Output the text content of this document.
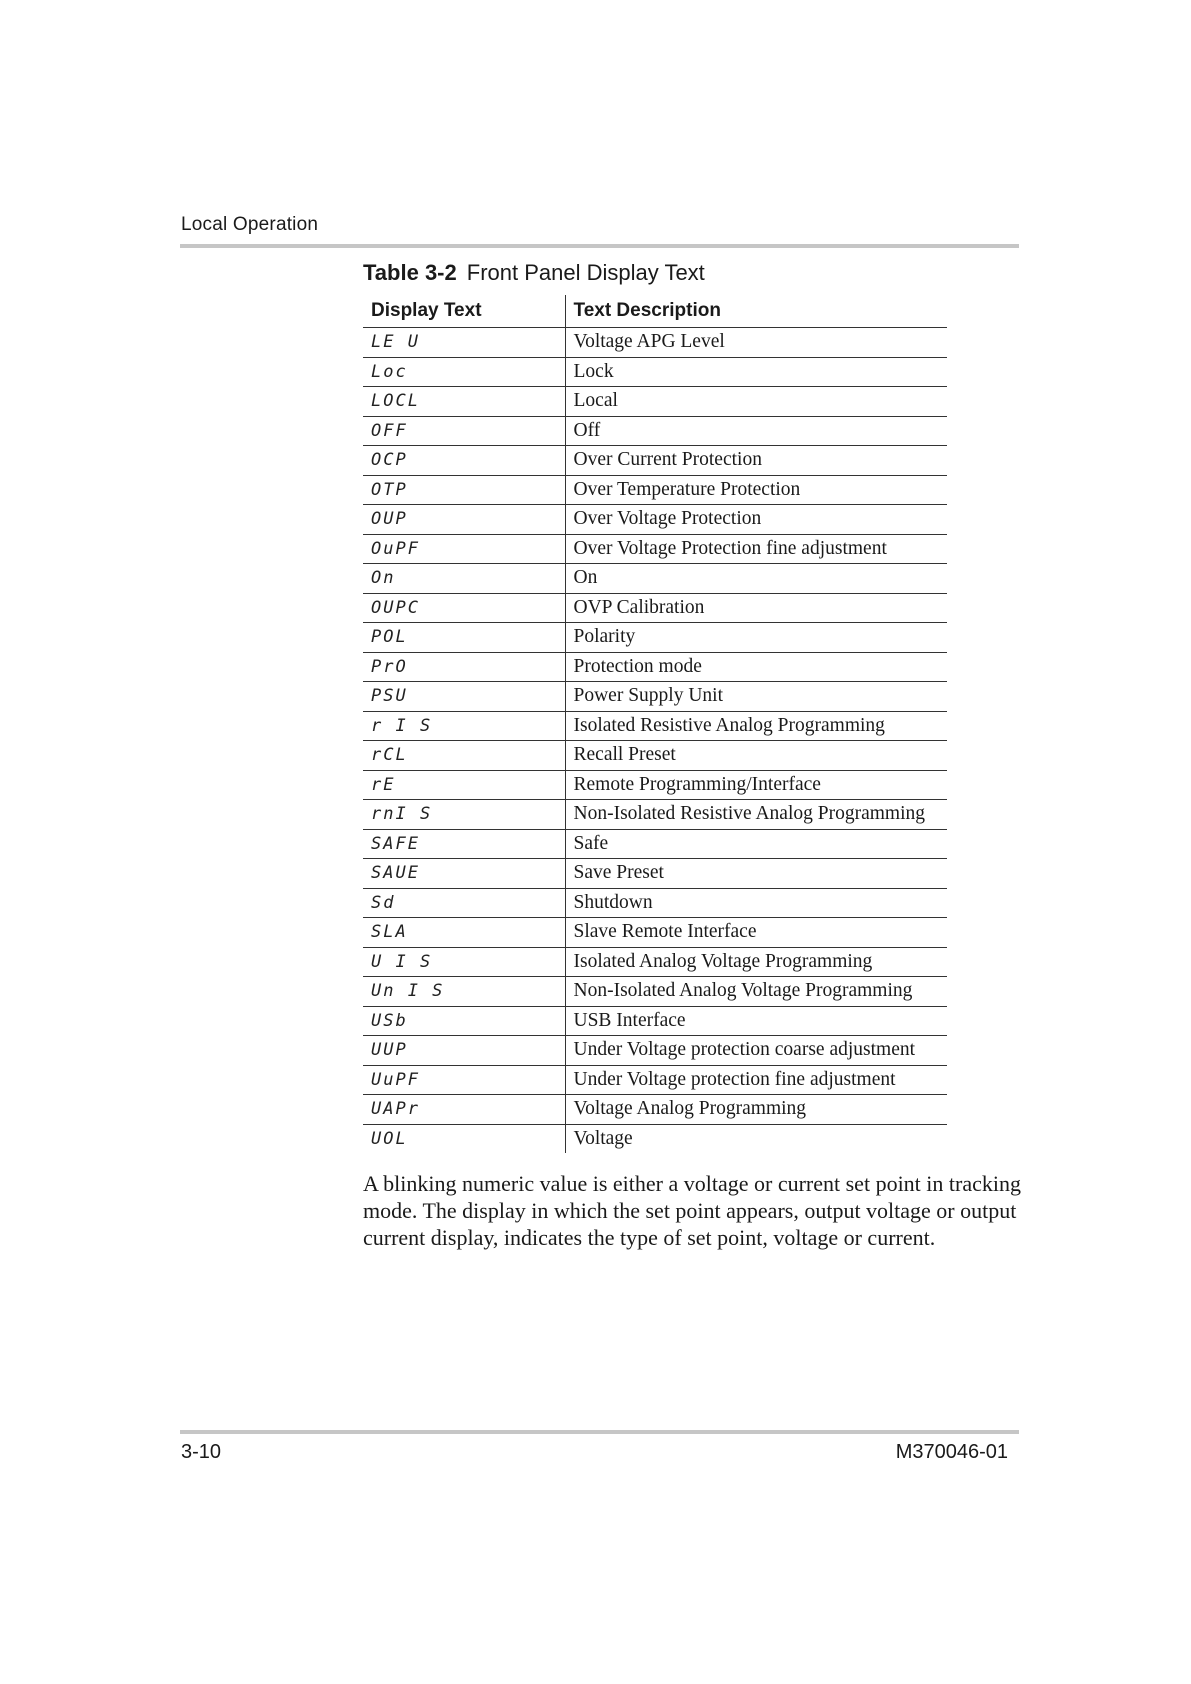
Local Operation
Table 3-2 Front Panel Display Text
Display Text	Text Description
LE U	Voltage APG Level
Loc	Lock
LOCL	Local
OFF	Off
OCP	Over Current Protection
OTP	Over Temperature Protection
OUP	Over Voltage Protection
OuPF	Over Voltage Protection fine adjustment
On	On
OUPC	OVP Calibration
POL	Polarity
PrO	Protection mode
PSU	Power Supply Unit
r I S	Isolated Resistive Analog Programming
rCL	Recall Preset
rE	Remote Programming/Interface
rnI S	Non-Isolated Resistive Analog Programming
SAFE	Safe
SAUE	Save Preset
Sd	Shutdown
SLA	Slave Remote Interface
U I S	Isolated Analog Voltage Programming
Un I S	Non-Isolated Analog Voltage Programming
USb	USB Interface
UUP	Under Voltage protection coarse adjustment
UuPF	Under Voltage protection fine adjustment
UAPr	Voltage Analog Programming
UOL	Voltage

A blinking numeric value is either a voltage or current set point in tracking mode. The display in which the set point appears, output voltage or output current display, indicates the type of set point, voltage or current.

3-10	M370046-01
